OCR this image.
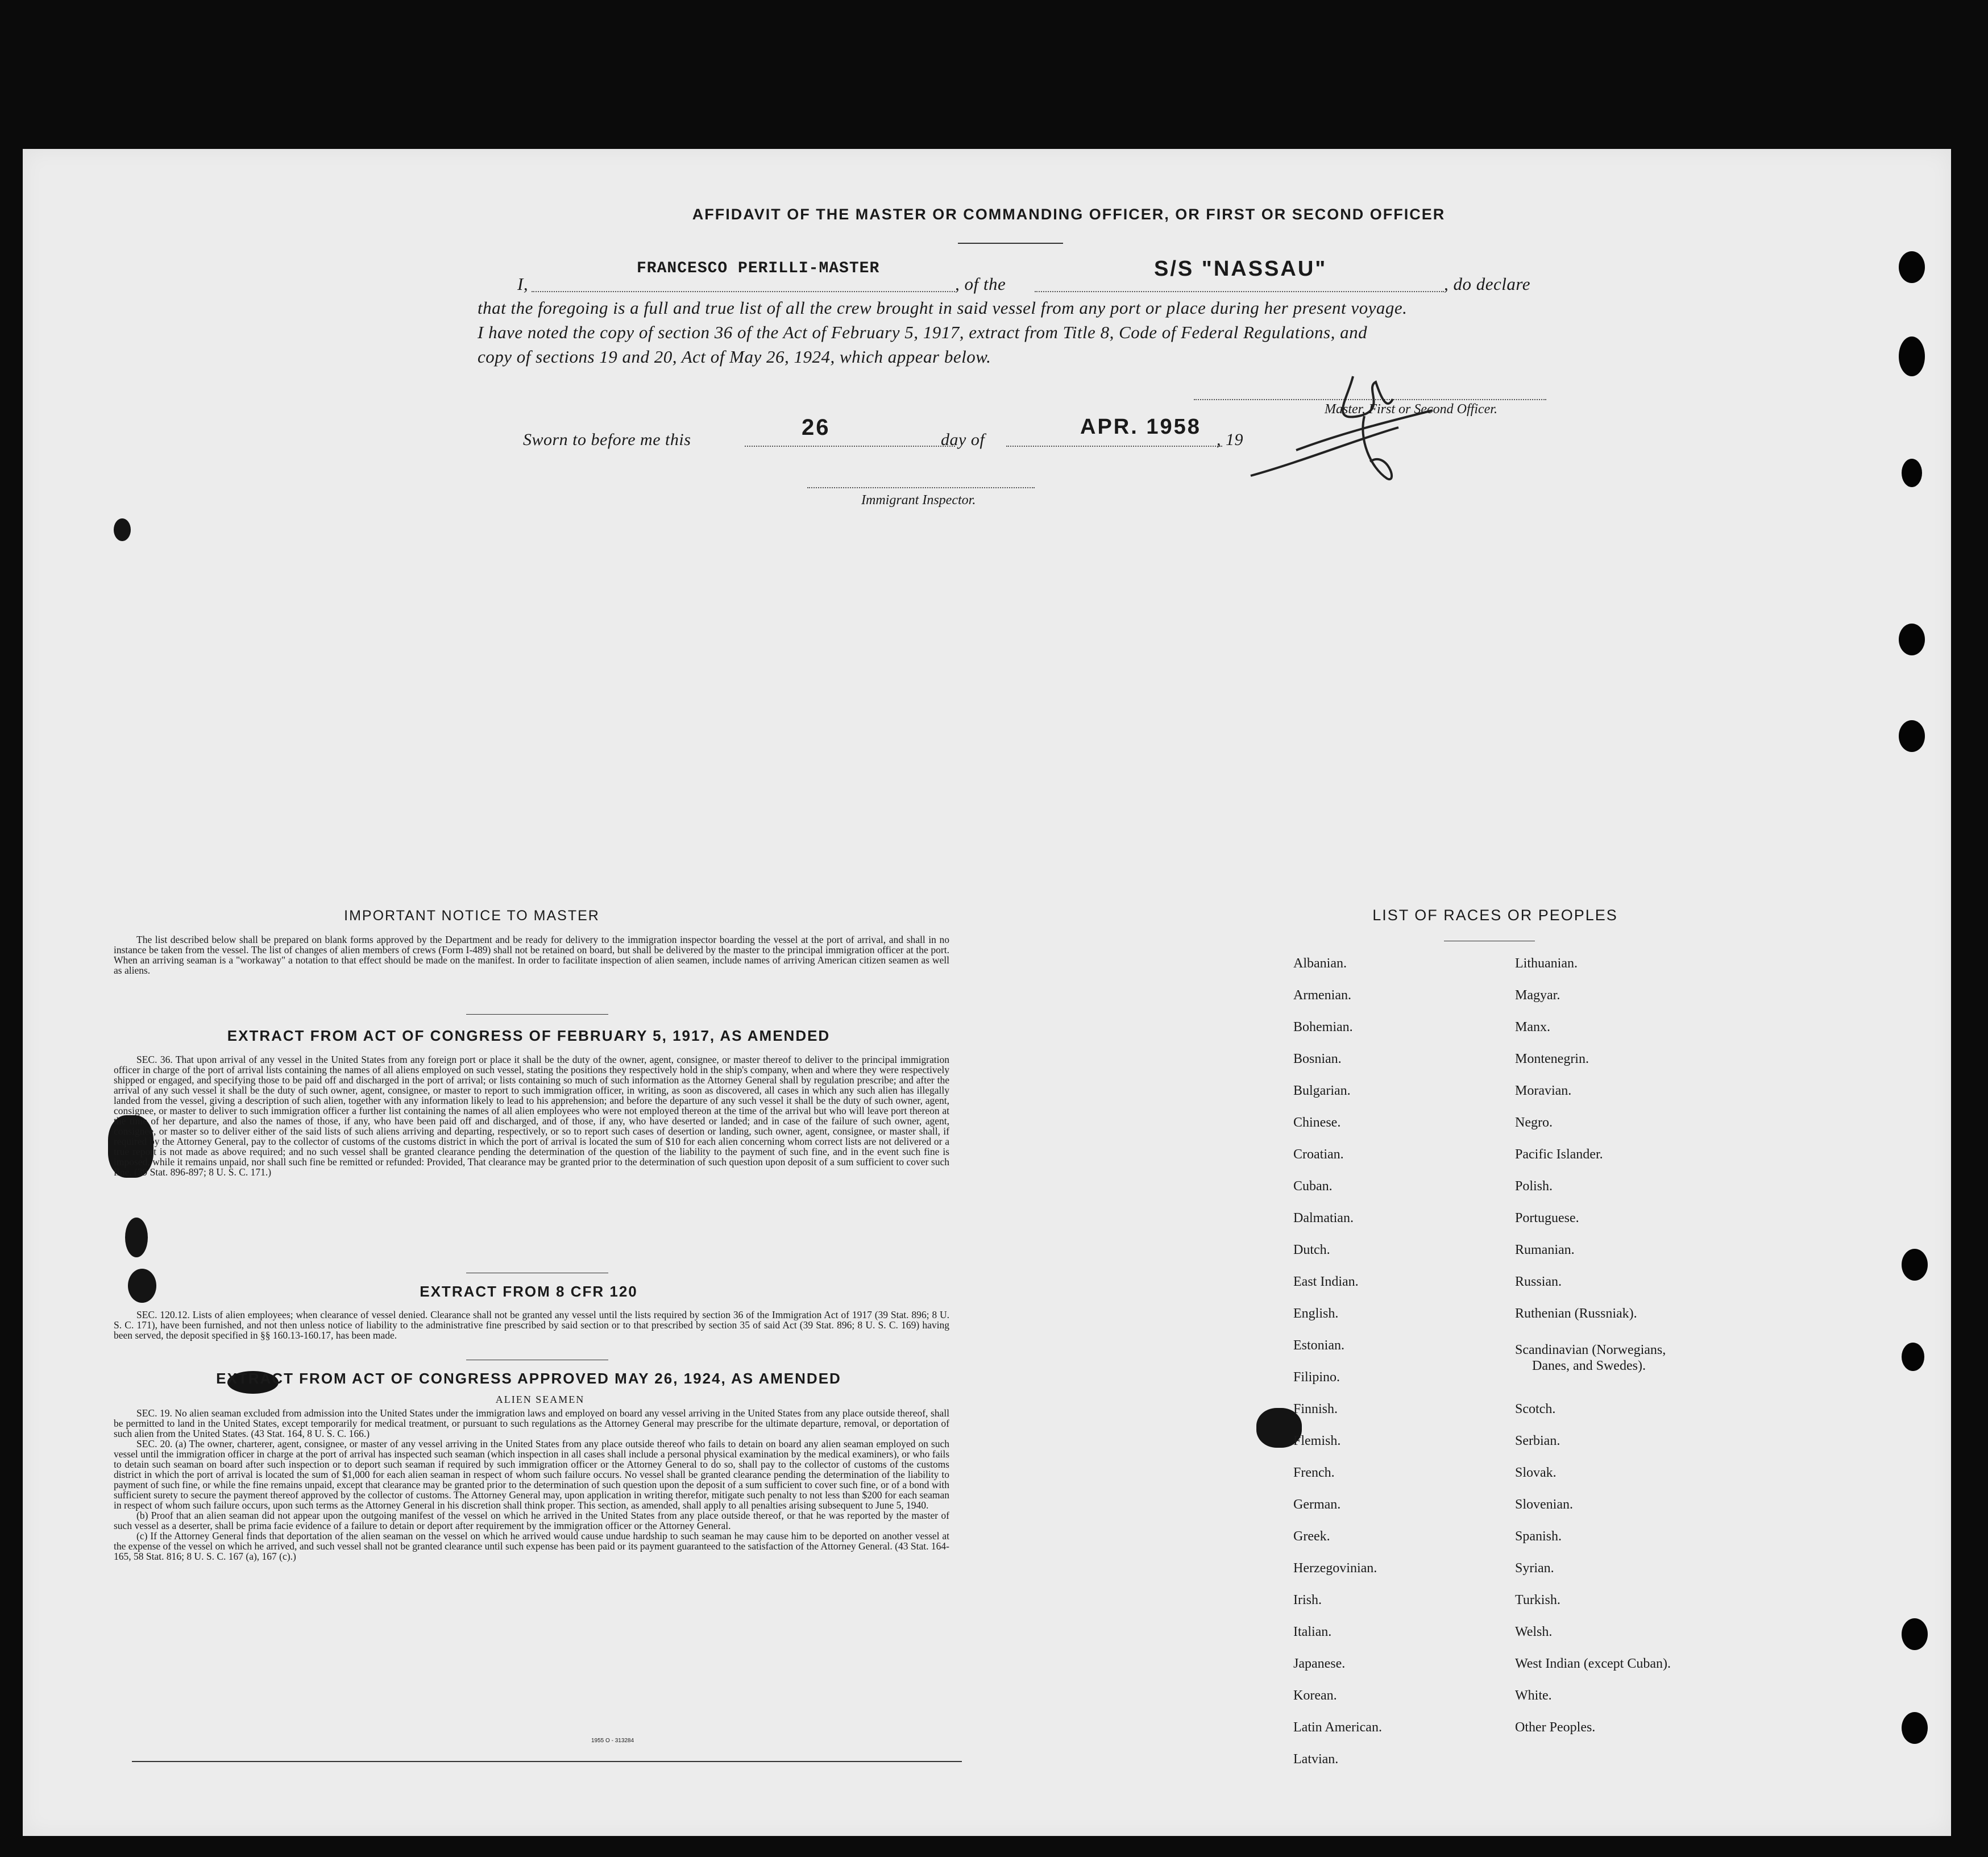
AFFIDAVIT OF THE MASTER OR COMMANDING OFFICER, OR FIRST OR SECOND OFFICER
I,
FRANCESCO PERILLI-MASTER
, of the
S/S "NASSAU"
, do declare
that the foregoing is a full and true list of all the crew brought in said vessel from any port or place during her present voyage.
I have noted the copy of section 36 of the Act of February 5, 1917, extract from Title 8, Code of Federal Regulations, and
copy of sections 19 and 20, Act of May 26, 1924, which appear below.
Master, First or Second Officer.
Sworn to before me this	26	day of
APR. 1958
, 19
Immigrant Inspector.
IMPORTANT NOTICE TO MASTER

The list described below shall be prepared on blank forms approved by the Department and be ready for delivery to the immigration inspector boarding the vessel at the port of arrival, and shall in no instance be taken from the vessel. The list of changes of alien members of crews (Form I-489) shall not be retained on board, but shall be delivered by the master to the principal immigration officer at the port. When an arriving seaman is a "workaway" a notation to that effect should be made on the manifest. In order to facilitate inspection of alien seamen, include names of arriving American citizen seamen as well as aliens.

EXTRACT FROM ACT OF CONGRESS OF FEBRUARY 5, 1917, AS AMENDED

SEC. 36. That upon arrival of any vessel in the United States from any foreign port or place it shall be the duty of the owner, agent, consignee, or master thereof to deliver to the principal immigration officer in charge of the port of arrival lists containing the names of all aliens employed on such vessel, stating the positions they respectively hold in the ship's company, when and where they were respectively shipped or engaged, and specifying those to be paid off and discharged in the port of arrival; or lists containing so much of such information as the Attorney General shall by regulation prescribe; and after the arrival of any such vessel it shall be the duty of such owner, agent, consignee, or master to report to such immigration officer, in writing, as soon as discovered, all cases in which any such alien has illegally landed from the vessel, giving a description of such alien, together with any information likely to lead to his apprehension; and before the departure of any such vessel it shall be the duty of such owner, agent, consignee, or master to deliver to such immigration officer a further list containing the names of all alien employees who were not employed thereon at the time of the arrival but who will leave port thereon at the time of her departure, and also the names of those, if any, who have been paid off and discharged, and of those, if any, who have deserted or landed; and in case of the failure of such owner, agent, consignee, or master so to deliver either of the said lists of such aliens arriving and departing, respectively, or so to report such cases of desertion or landing, such owner, agent, consignee, or master shall, if required by the Attorney General, pay to the collector of customs of the customs district in which the port of arrival is located the sum of $10 for each alien concerning whom correct lists are not delivered or a true report is not made as above required; and no such vessel shall be granted clearance pending the determination of the question of the liability to the payment of such fine, and in the event such fine is imposed, while it remains unpaid, nor shall such fine be remitted or refunded: Provided, That clearance may be granted prior to the determination of such question upon deposit of a sum sufficient to cover such fine. (39 Stat. 896-897; 8 U. S. C. 171.)

EXTRACT FROM 8 CFR 120

SEC. 120.12. Lists of alien employees; when clearance of vessel denied. Clearance shall not be granted any vessel until the lists required by section 36 of the Immigration Act of 1917 (39 Stat. 896; 8 U. S. C. 171), have been furnished, and not then unless notice of liability to the administrative fine prescribed by said section or to that prescribed by section 35 of said Act (39 Stat. 896; 8 U. S. C. 169) having been served, the deposit specified in §§ 160.13-160.17, has been made.

EXTRACT FROM ACT OF CONGRESS APPROVED MAY 26, 1924, AS AMENDED
ALIEN SEAMEN

SEC. 19. No alien seaman excluded from admission into the United States under the immigration laws and employed on board any vessel arriving in the United States from any place outside thereof, shall be permitted to land in the United States, except temporarily for medical treatment, or pursuant to such regulations as the Attorney General may prescribe for the ultimate departure, removal, or deportation of such alien from the United States. (43 Stat. 164, 8 U. S. C. 166.)

SEC. 20. (a) The owner, charterer, agent, consignee, or master of any vessel arriving in the United States from any place outside thereof who fails to detain on board any alien seaman employed on such vessel until the immigration officer in charge at the port of arrival has inspected such seaman (which inspection in all cases shall include a personal physical examination by the medical examiners), or who fails to detain such seaman on board after such inspection or to deport such seaman if required by such immigration officer or the Attorney General to do so, shall pay to the collector of customs of the customs district in which the port of arrival is located the sum of $1,000 for each alien seaman in respect of whom such failure occurs. No vessel shall be granted clearance pending the determination of the liability to payment of such fine, or while the fine remains unpaid, except that clearance may be granted prior to the determination of such question upon the deposit of a sum sufficient to cover such fine, or of a bond with sufficient surety to secure the payment thereof approved by the collector of customs. The Attorney General may, upon application in writing therefor, mitigate such penalty to not less than $200 for each seaman in respect of whom such failure occurs, upon such terms as the Attorney General in his discretion shall think proper. This section, as amended, shall apply to all penalties arising subsequent to June 5, 1940.

(b) Proof that an alien seaman did not appear upon the outgoing manifest of the vessel on which he arrived in the United States from any place outside thereof, or that he was reported by the master of such vessel as a deserter, shall be prima facie evidence of a failure to detain or deport after requirement by the immigration officer or the Attorney General.

(c) If the Attorney General finds that deportation of the alien seaman on the vessel on which he arrived would cause undue hardship to such seaman he may cause him to be deported on another vessel at the expense of the vessel on which he arrived, and such vessel shall not be granted clearance until such expense has been paid or its payment guaranteed to the satisfaction of the Attorney General. (43 Stat. 164-165, 58 Stat. 816; 8 U. S. C. 167 (a), 167 (c).)

1955 O - 313284
LIST OF RACES OR PEOPLES
Albanian.
Armenian.
Bohemian.
Bosnian.
Bulgarian.
Chinese.
Croatian.
Cuban.
Dalmatian.
Dutch.
East Indian.
English.
Estonian.
Filipino.
Finnish.
Flemish.
French.
German.
Greek.
Herzegovinian.
Irish.
Italian.
Japanese.
Korean.
Latin American.
Latvian.
Lithuanian.
Magyar.
Manx.
Montenegrin.
Moravian.
Negro.
Pacific Islander.
Polish.
Portuguese.
Rumanian.
Russian.
Ruthenian (Russniak).
Scandinavian (Norwegians,
Danes, and Swedes).
Scotch.
Serbian.
Slovak.
Slovenian.
Spanish.
Syrian.
Turkish.
Welsh.
West Indian (except Cuban).
White.
Other Peoples.
